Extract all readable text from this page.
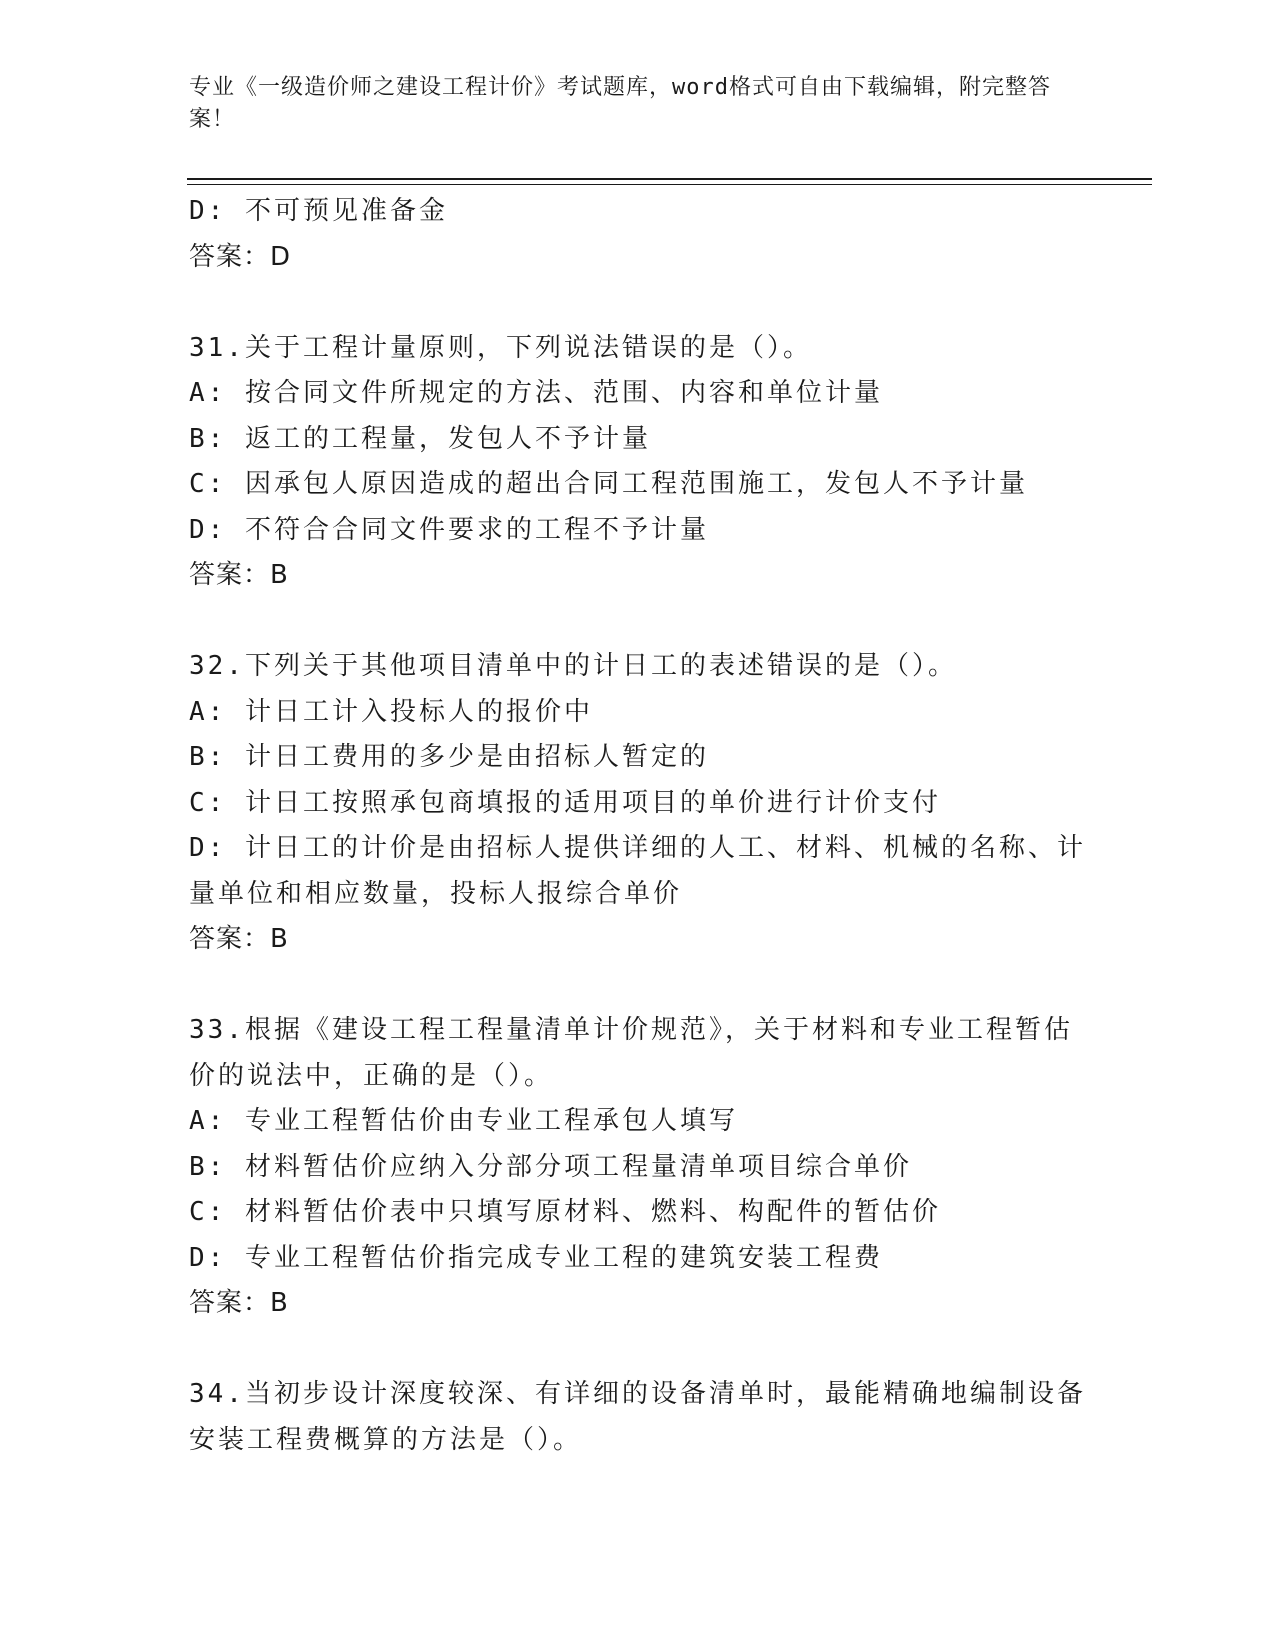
专业《一级造价师之建设工程计价》考试题库，word格式可自由下载编辑，附完整答案！
D: 不可预见准备金
答案：D
31.关于工程计量原则，下列说法错误的是（）。
A: 按合同文件所规定的方法、范围、内容和单位计量
B: 返工的工程量，发包人不予计量
C: 因承包人原因造成的超出合同工程范围施工，发包人不予计量
D: 不符合合同文件要求的工程不予计量
答案：B
32.下列关于其他项目清单中的计日工的表述错误的是（）。
A: 计日工计入投标人的报价中
B: 计日工费用的多少是由招标人暂定的
C: 计日工按照承包商填报的适用项目的单价进行计价支付
D: 计日工的计价是由招标人提供详细的人工、材料、机械的名称、计
量单位和相应数量，投标人报综合单价
答案：B
33.根据《建设工程工程量清单计价规范》，关于材料和专业工程暂估
价的说法中，正确的是（）。
A: 专业工程暂估价由专业工程承包人填写
B: 材料暂估价应纳入分部分项工程量清单项目综合单价
C: 材料暂估价表中只填写原材料、燃料、构配件的暂估价
D: 专业工程暂估价指完成专业工程的建筑安装工程费
答案：B
34.当初步设计深度较深、有详细的设备清单时，最能精确地编制设备
安装工程费概算的方法是（）。
